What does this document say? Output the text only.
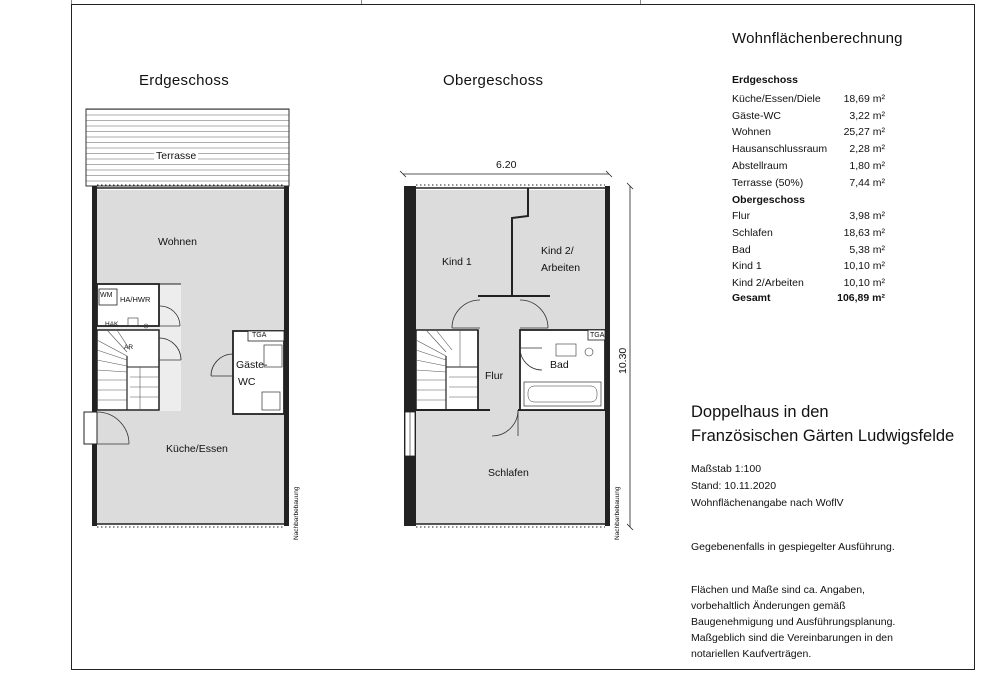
Erdgeschoss	Obergeschoss
Terrasse
Wohnen
WM HA/HWR
HAK
AR
Gäste-
WC
TGA
Küche/Essen
Nachbarbebauung
6.20
10.30
Kind 1
Kind 2/
Arbeiten
Flur
Bad
TGA
Schlafen
Nachbarbebauung
Wohnflächenberechnung
Erdgeschoss
Küche/Essen/Diele 18,69 m²
Gäste-WC	3,22 m²
Wohnen	25,27 m²
Hausanschlussraum 2,28 m²
Abstellraum	1,80 m²
Terrasse (50%)	7,44 m²
Obergeschoss
Flur	3,98 m²
Schlafen	18,63 m²
Bad	5,38 m²
Kind 1	10,10 m²
Kind 2/Arbeiten	10,10 m²
Gesamt	106,89 m²
Doppelhaus in den
Französischen Gärten Ludwigsfelde
Maßstab 1:100
Stand: 10.11.2020
Wohnflächenangabe nach WoflV
Gegebenenfalls in gespiegelter Ausführung.
Flächen und Maße sind ca. Angaben,
vorbehaltlich Änderungen gemäß
Baugenehmigung und Ausführungsplanung.
Maßgeblich sind die Vereinbarungen in den
notariellen Kaufverträgen.
